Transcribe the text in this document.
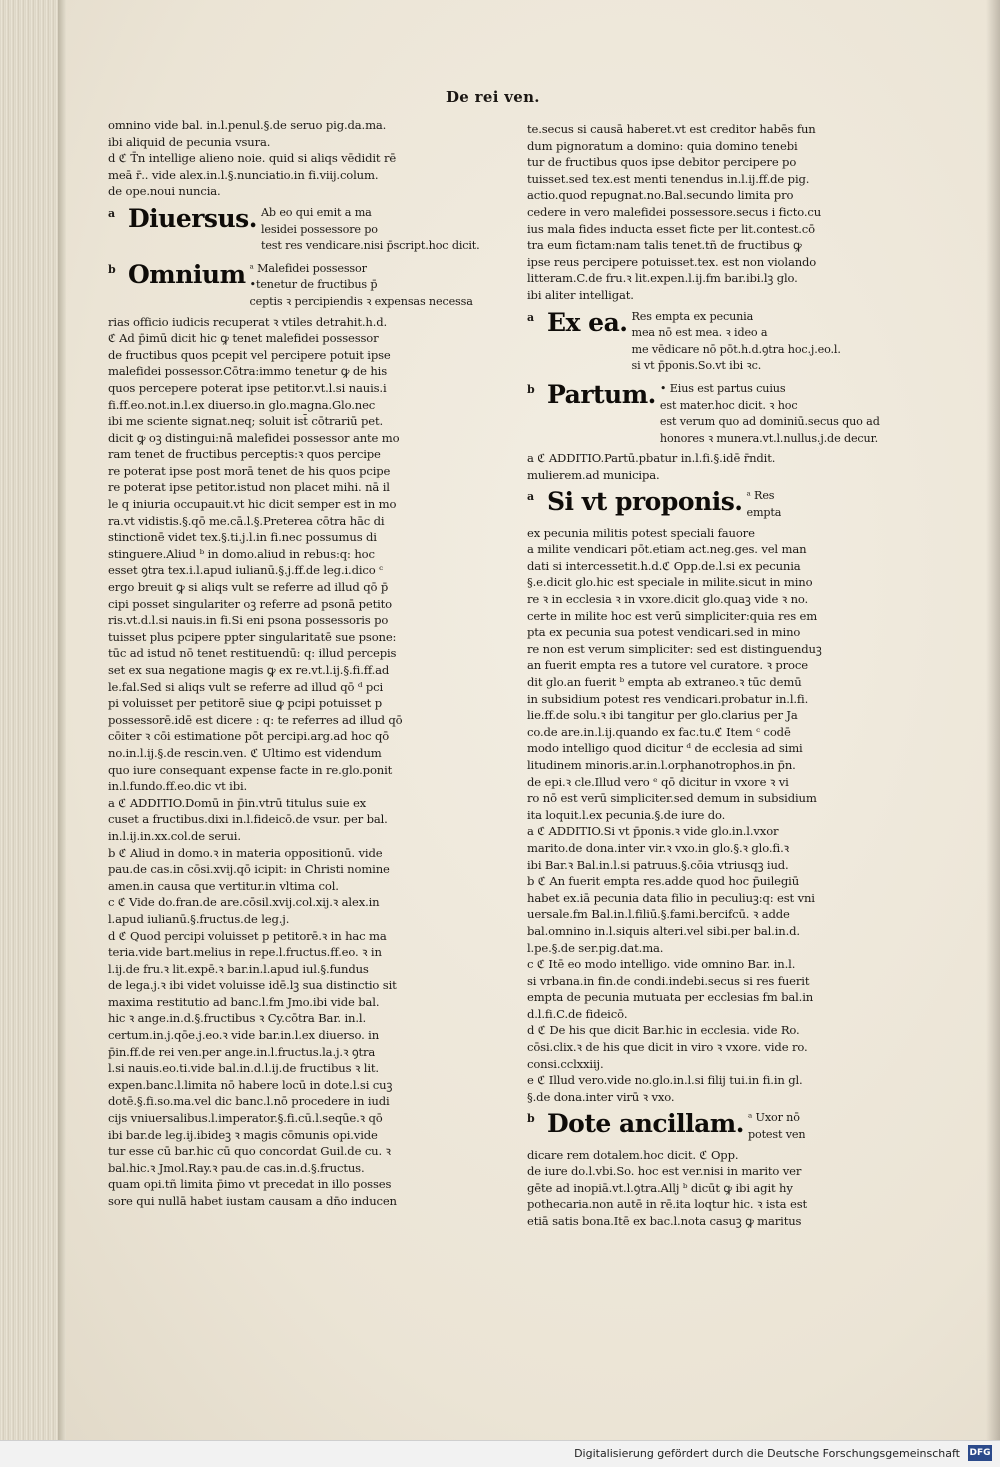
De rei ven.
omnino vide bal. in.l.penul.§.de seruo pig.da.ma.
ibi aliquid de pecunia vsura.
d ℭ T̄n intellige alieno noie. quid si aliqs vēdidit rē
meā r̄.. vide alex.in.l.§.nunciatio.in fi.viij.colum.
de ope.noui nuncia.
a Diuersus. Ab eo qui emit a ma
lesidei possessore po
test res vendicare.nisi p̄script.hoc dicit.
b Omnium ᵃ Malefidei possessor
•tenetur de fructibus p̄
ceptis ꝛ percipiendis ꝛ expensas necessa
rias officio iudicis recuperat ꝛ vtiles detrahit.h.d.
ℭ Ad p̄imū dicit hic ꝙ tenet malefidei possessor
de fructibus quos pcepit vel percipere potuit ipse
malefidei possessor.Cōtra:immo tenetur ꝙ de his
quos percepere poterat ipse petitor.vt.l.si nauis.i
fi.ff.eo.not.in.l.ex diuerso.in glo.magna.Glo.nec
ibi me sciente signat.neq; soluit ist̄ cōtrariū pet.
dicit ꝙ oꝫ distingui:nā malefidei possessor ante mo
ram tenet de fructibus perceptis:ꝛ quos percipe
re poterat ipse post morā tenet de his quos pcipe
re poterat ipse petitor.istud non placet mihi. nā il
le q iniuria occupauit.vt hic dicit semper est in mo
ra.vt vidistis.§.qō me.cā.l.§.Preterea cōtra hāc di
stinctionē videt tex.§.ti.j.l.in fi.nec possumus di
stinguere.Aliud ᵇ in domo.aliud in rebus:q: hoc
esset ꝯtra tex.i.l.apud iulianū.§.j.ff.de leg.i.dico ᶜ
ergo breuit ꝙ si aliqs vult se referre ad illud qō p̄
cipi posset singulariter oꝫ referre ad psonā petito
ris.vt.d.l.si nauis.in fi.Si eni psona possessoris po
tuisset plus pcipere ppter singularitatē sue psone:
tūc ad istud nō tenet restituendū: q: illud percepis
set ex sua negatione magis ꝙ ex re.vt.l.ij.§.fi.ff.ad
le.fal.Sed si aliqs vult se referre ad illud qō ᵈ pci
pi voluisset per petitorē siue ꝙ pcipi potuisset p
possessorē.idē est dicere : q: te referres ad illud qō
cōiter ꝛ cōi estimatione pōt percipi.arg.ad hoc qō
no.in.l.ij.§.de rescin.ven. ℭ Ultimo est videndum
quo iure consequant expense facte in re.glo.ponit
in.l.fundo.ff.eo.dic vt ibi.
a ℭ ADDITIO.Domū in p̄in.vtrū titulus suie ex
cuset a fructibus.dixi in.l.fideicō.de vsur. per bal.
in.l.ij.in.xx.col.de serui.
b ℭ Aliud in domo.ꝛ in materia oppositionū. vide
pau.de cas.in cōsi.xvij.qō icipit: in Christi nomine
amen.in causa que vertitur.in vltima col.
c ℭ Vide do.fran.de are.cōsil.xvij.col.xij.ꝛ alex.in
l.apud iulianū.§.fructus.de leg.j.
d ℭ Quod percipi voluisset p petitorē.ꝛ in hac ma
teria.vide bart.melius in repe.l.fructus.ff.eo. ꝛ in
l.ij.de fru.ꝛ lit.expē.ꝛ bar.in.l.apud iul.§.fundus
de lega.j.ꝛ ibi videt voluisse idē.lꝫ sua distinctio sit
maxima restitutio ad banc.l.fm Jmo.ibi vide bal.
hic ꝛ ange.in.d.§.fructibus ꝛ Cy.cōtra Bar. in.l.
certum.in.j.qōe.j.eo.ꝛ vide bar.in.l.ex diuerso. in
p̄in.ff.de rei ven.per ange.in.l.fructus.la.j.ꝛ ꝯtra
l.si nauis.eo.ti.vide bal.in.d.l.ij.de fructibus ꝛ lit.
expen.banc.l.limita nō habere locū in dote.l.si cuꝫ
dotē.§.fi.so.ma.vel dic banc.l.nō procedere in iudi
cijs vniuersalibus.l.imperator.§.fi.cū.l.seqūe.ꝛ qō
ibi bar.de leg.ij.ibideꝫ ꝛ magis cōmunis opi.vide
tur esse cū bar.hic cū quo concordat Guil.de cu. ꝛ
bal.hic.ꝛ Jmol.Ray.ꝛ pau.de cas.in.d.§.fructus.
quam opi.tñ limita p̄imo vt precedat in illo posses
sore qui nullā habet iustam causam a dn̄o inducen
te.secus si causā haberet.vt est creditor habēs fun
dum pignoratum a domino: quia domino tenebi
tur de fructibus quos ipse debitor percipere po
tuisset.sed tex.est menti tenendus in.l.ij.ff.de pig.
actio.quod repugnat.no.Bal.secundo limita pro
cedere in vero malefidei possessore.secus i ficto.cu
ius mala fides inducta esset ficte per lit.contest.cō
tra eum fictam:nam talis tenet.tñ de fructibus ꝙ
ipse reus percipere potuisset.tex. est non violando
litteram.C.de fru.ꝛ lit.expen.l.ij.fm bar.ibi.lꝫ glo.
ibi aliter intelligat.
a Ex ea. Res empta ex pecunia
mea nō est mea. ꝛ ideo a
me vēdicare nō pōt.h.d.ꝯtra hoc.j.eo.l.
si vt p̄ponis.So.vt ibi ꝛc.
b Partum. • Eius est partus cuius
est mater.hoc dicit. ꝛ hoc
est verum quo ad dominiū.secus quo ad
honores ꝛ munera.vt.l.nullus.j.de decur.
a ℭ ADDITIO.Partū.pbatur in.l.fi.§.idē r̄ndit.
mulierem.ad municipa.
a Si vt proponis. ᵃ Res
empta
ex pecunia militis potest speciali fauore
a milite vendicari pōt.etiam act.neg.ges. vel man
dati si intercessetit.h.d.ℭ Opp.de.l.si ex pecunia
§.e.dicit glo.hic est speciale in milite.sicut in mino
re ꝛ in ecclesia ꝛ in vxore.dicit glo.quaꝫ vide ꝛ no.
certe in milite hoc est verū simpliciter:quia res em
pta ex pecunia sua potest vendicari.sed in mino
re non est verum simpliciter: sed est distinguenduꝫ
an fuerit empta res a tutore vel curatore. ꝛ proce
dit glo.an fuerit ᵇ empta ab extraneo.ꝛ tūc demū
in subsidium potest res vendicari.probatur in.l.fi.
lie.ff.de solu.ꝛ ibi tangitur per glo.clarius per Ja
co.de are.in.l.ij.quando ex fac.tu.ℭ Item ᶜ codē
modo intelligo quod dicitur ᵈ de ecclesia ad simi
litudinem minoris.ar.in.l.orphanotrophos.in p̄n.
de epi.ꝛ cle.Illud vero ᵉ qō dicitur in vxore ꝛ vi
ro nō est verū simpliciter.sed demum in subsidium
ita loquit.l.ex pecunia.§.de iure do.
a ℭ ADDITIO.Si vt p̄ponis.ꝛ vide glo.in.l.vxor
marito.de dona.inter vir.ꝛ vxo.in glo.§.ꝛ glo.fi.ꝛ
ibi Bar.ꝛ Bal.in.l.si patruus.§.cōia vtriusqꝫ iud.
b ℭ An fuerit empta res.adde quod hoc p̄uilegiū
habet ex.iā pecunia data filio in peculiuꝫ:q: est vni
uersale.fm Bal.in.l.filiū.§.fami.bercifcū. ꝛ adde
bal.omnino in.l.siquis alteri.vel sibi.per bal.in.d.
l.pe.§.de ser.pig.dat.ma.
c ℭ Itē eo modo intelligo. vide omnino Bar. in.l.
si vrbana.in fin.de condi.indebi.secus si res fuerit
empta de pecunia mutuata per ecclesias fm bal.in
d.l.fi.C.de fideicō.
d ℭ De his que dicit Bar.hic in ecclesia. vide Ro.
cōsi.clix.ꝛ de his que dicit in viro ꝛ vxore. vide ro.
consi.cclxxiij.
e ℭ Illud vero.vide no.glo.in.l.si filij tui.in fi.in gl.
§.de dona.inter virū ꝛ vxo.
b Dote ancillam. ᵃ Uxor nō
potest ven
dicare rem dotalem.hoc dicit. ℭ Opp.
de iure do.l.vbi.So. hoc est ver.nisi in marito ver
gēte ad inopiā.vt.l.ꝯtra.Allj ᵇ dicūt ꝙ ibi agit hy
pothecaria.non autē in rē.ita loqtur hic. ꝛ ista est
etiā satis bona.Itē ex bac.l.nota casuꝫ ꝙ maritus
Digitalisierung gefördert durch die Deutsche Forschungsgemeinschaft DFG
